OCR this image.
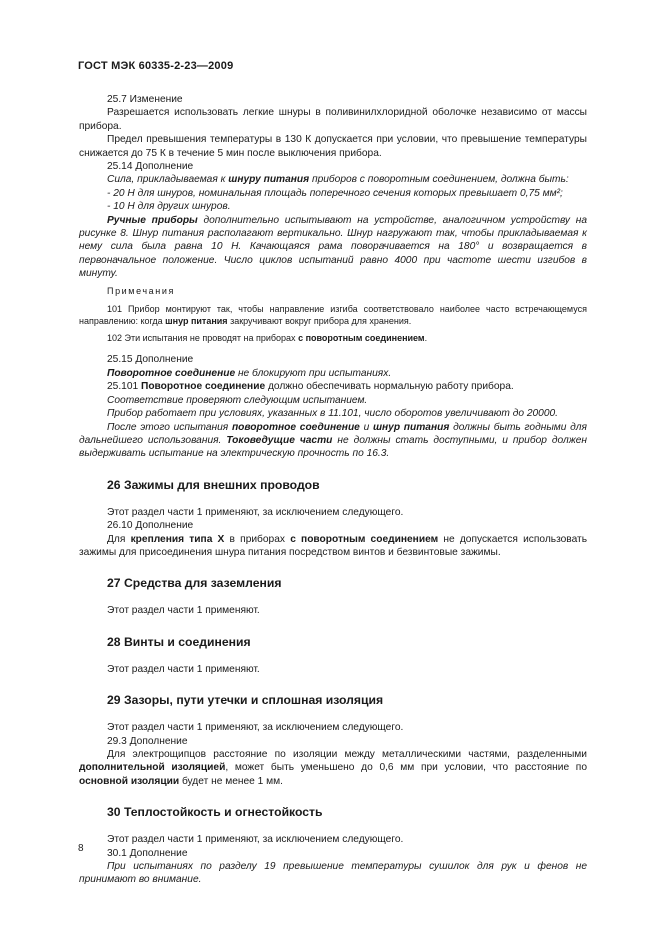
ГОСТ МЭК 60335-2-23—2009

25.7 Изменение

Разрешается использовать легкие шнуры в поливинилхлоридной оболочке независимо от массы прибора.

Предел превышения температуры в 130 К допускается при условии, что превышение температуры снижается до 75 К в течение 5 мин после выключения прибора.

25.14 Дополнение

Сила, прикладываемая к шнуру питания приборов с поворотным соединением, должна быть:

- 20 Н для шнуров, номинальная площадь поперечного сечения которых превышает 0,75 мм²;

- 10 Н для других шнуров.

Ручные приборы дополнительно испытывают на устройстве, аналогичном устройству на рисунке 8. Шнур питания располагают вертикально. Шнур нагружают так, чтобы прикладываемая к нему сила была равна 10 Н. Качающаяся рама поворачивается на 180° и возвращается в первоначальное положение. Число циклов испытаний равно 4000 при частоте шести изгибов в минуту.

Примечания

101 Прибор монтируют так, чтобы направление изгиба соответствовало наиболее часто встречающемуся направлению: когда шнур питания закручивают вокруг прибора для хранения.

102 Эти испытания не проводят на приборах с поворотным соединением.

25.15 Дополнение

Поворотное соединение не блокируют при испытаниях.

25.101 Поворотное соединение должно обеспечивать нормальную работу прибора.

Соответствие проверяют следующим испытанием.

Прибор работает при условиях, указанных в 11.101, число оборотов увеличивают до 20000.

После этого испытания поворотное соединение и шнур питания должны быть годными для дальнейшего использования. Токоведущие части не должны стать доступными, и прибор должен выдерживать испытание на электрическую прочность по 16.3.

26 Зажимы для внешних проводов

Этот раздел части 1 применяют, за исключением следующего.

26.10 Дополнение

Для крепления типа X в приборах с поворотным соединением не допускается использовать зажимы для присоединения шнура питания посредством винтов и безвинтовые зажимы.

27 Средства для заземления

Этот раздел части 1 применяют.

28 Винты и соединения

Этот раздел части 1 применяют.

29 Зазоры, пути утечки и сплошная изоляция

Этот раздел части 1 применяют, за исключением следующего.

29.3 Дополнение

Для электрощипцов расстояние по изоляции между металлическими частями, разделенными дополнительной изоляцией, может быть уменьшено до 0,6 мм при условии, что расстояние по основной изоляции будет не менее 1 мм.

30 Теплостойкость и огнестойкость

Этот раздел части 1 применяют, за исключением следующего.

30.1 Дополнение

При испытаниях по разделу 19 превышение температуры сушилок для рук и фенов не принимают во внимание.

8
